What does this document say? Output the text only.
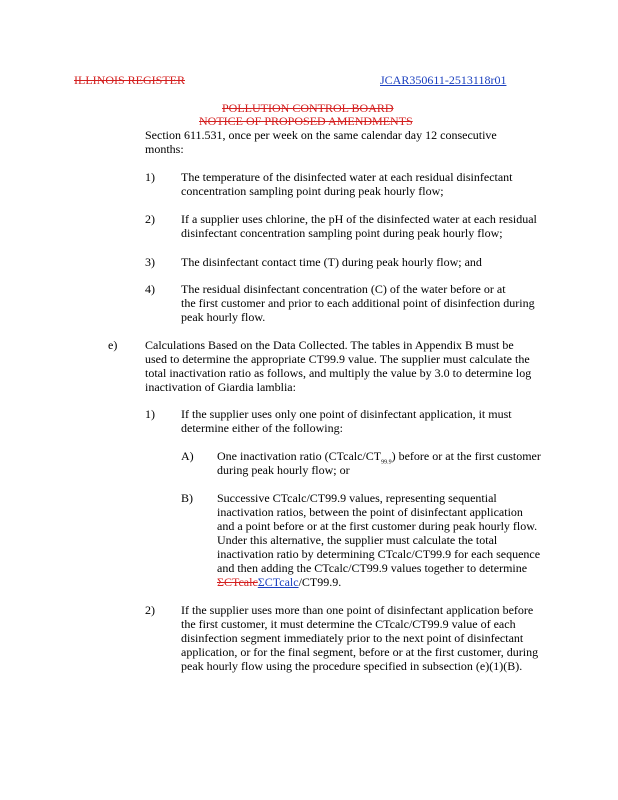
ILLINOIS REGISTER	JCAR350611-2513118r01
POLLUTION CONTROL BOARD
NOTICE OF PROPOSED AMENDMENTS
Section 611.531, once per week on the same calendar day 12 consecutive
months:
1) The temperature of the disinfected water at each residual disinfectant
concentration sampling point during peak hourly flow;
2) If a supplier uses chlorine, the pH of the disinfected water at each residual
disinfectant concentration sampling point during peak hourly flow;
3) The disinfectant contact time (T) during peak hourly flow; and
4) The residual disinfectant concentration (C) of the water before or at
the first customer and prior to each additional point of disinfection during
peak hourly flow.
e) Calculations Based on the Data Collected. The tables in Appendix B must be
used to determine the appropriate CT99.9 value. The supplier must calculate the
total inactivation ratio as follows, and multiply the value by 3.0 to determine log
inactivation of Giardia lamblia:
1) If the supplier uses only one point of disinfectant application, it must
determine either of the following:
A) One inactivation ratio $(CTcalc/CT_{99.9})$ before or at the first customer
during peak hourly flow; or
B) Successive CTcalc/CT99.9 values, representing sequential
inactivation ratios, between the point of disinfectant application
and a point before or at the first customer during peak hourly flow.
Under this alternative, the supplier must calculate the total
inactivation ratio by determining CTcalc/CT99.9 for each sequence
and then adding the CTcalc/CT99.9 values together to determine
ΣCTcalcΣCTcalc/CT99.9.
2) If the supplier uses more than one point of disinfectant application before
the first customer, it must determine the CTcalc/CT99.9 value of each
disinfection segment immediately prior to the next point of disinfectant
application, or for the final segment, before or at the first customer, during
peak hourly flow using the procedure specified in subsection (e)(1)(B).
